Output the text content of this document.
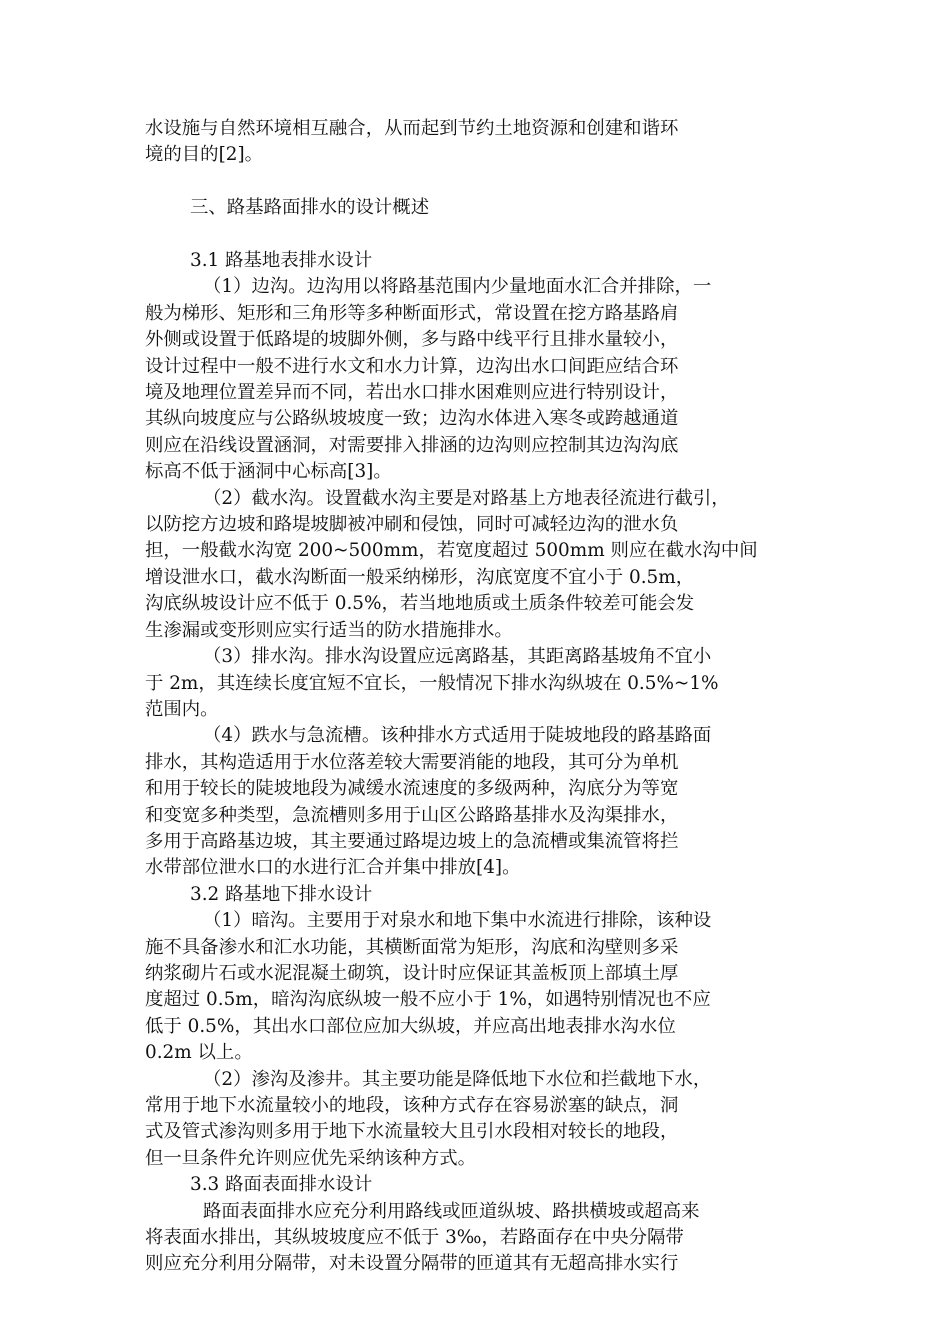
水设施与自然环境相互融合，从而起到节约土地资源和创建和谐环

境的目的[2]。

三、路基路面排水的设计概述

3.1 路基地表排水设计

（1）边沟。边沟用以将路基范围内少量地面水汇合并排除，一

般为梯形、矩形和三角形等多种断面形式，常设置在挖方路基路肩

外侧或设置于低路堤的坡脚外侧，多与路中线平行且排水量较小，

设计过程中一般不进行水文和水力计算，边沟出水口间距应结合环

境及地理位置差异而不同，若出水口排水困难则应进行特别设计，

其纵向坡度应与公路纵坡坡度一致；边沟水体进入寒冬或跨越通道

则应在沿线设置涵洞，对需要排入排涵的边沟则应控制其边沟沟底

标高不低于涵洞中心标高[3]。

（2）截水沟。设置截水沟主要是对路基上方地表径流进行截引，

以防挖方边坡和路堤坡脚被冲刷和侵蚀，同时可减轻边沟的泄水负

担，一般截水沟宽 200~500mm，若宽度超过 500mm 则应在截水沟中间

增设泄水口，截水沟断面一般采纳梯形，沟底宽度不宜小于 0.5m，

沟底纵坡设计应不低于 0.5%，若当地地质或土质条件较差可能会发

生渗漏或变形则应实行适当的防水措施排水。

（3）排水沟。排水沟设置应远离路基，其距离路基坡角不宜小

于 2m，其连续长度宜短不宜长，一般情况下排水沟纵坡在 0.5%~1%

范围内。

（4）跌水与急流槽。该种排水方式适用于陡坡地段的路基路面

排水，其构造适用于水位落差较大需要消能的地段，其可分为单机

和用于较长的陡坡地段为减缓水流速度的多级两种，沟底分为等宽

和变宽多种类型，急流槽则多用于山区公路路基排水及沟渠排水，

多用于高路基边坡，其主要通过路堤边坡上的急流槽或集流管将拦

水带部位泄水口的水进行汇合并集中排放[4]。

3.2 路基地下排水设计

（1）暗沟。主要用于对泉水和地下集中水流进行排除，该种设

施不具备渗水和汇水功能，其横断面常为矩形，沟底和沟壁则多采

纳浆砌片石或水泥混凝土砌筑，设计时应保证其盖板顶上部填土厚

度超过 0.5m，暗沟沟底纵坡一般不应小于 1%，如遇特别情况也不应

低于 0.5%，其出水口部位应加大纵坡，并应高出地表排水沟水位

0.2m 以上。

（2）渗沟及渗井。其主要功能是降低地下水位和拦截地下水，

常用于地下水流量较小的地段，该种方式存在容易淤塞的缺点，洞

式及管式渗沟则多用于地下水流量较大且引水段相对较长的地段，

但一旦条件允许则应优先采纳该种方式。

3.3 路面表面排水设计

路面表面排水应充分利用路线或匝道纵坡、路拱横坡或超高来

将表面水排出，其纵坡坡度应不低于 3‰，若路面存在中央分隔带

则应充分利用分隔带，对未设置分隔带的匝道其有无超高排水实行
